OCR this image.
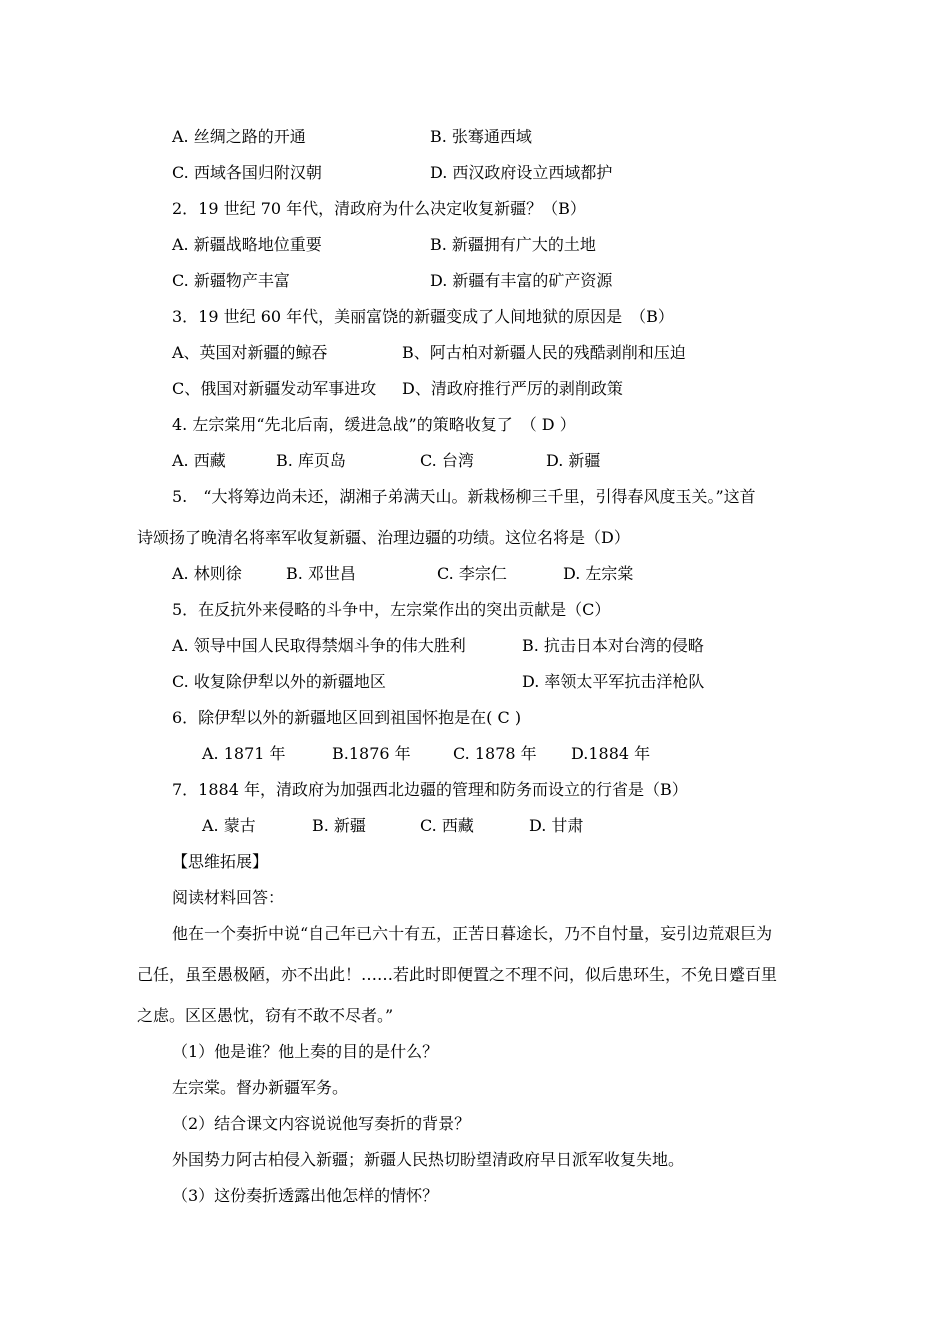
A. 丝绸之路的开通	B. 张骞通西域
C. 西域各国归附汉朝	D. 西汉政府设立西域都护
2．19 世纪 70 年代，清政府为什么决定收复新疆？（B）
A. 新疆战略地位重要	B. 新疆拥有广大的土地
C. 新疆物产丰富	D. 新疆有丰富的矿产资源
3．19 世纪 60 年代，美丽富饶的新疆变成了人间地狱的原因是　（B）
A、英国对新疆的鲸吞	B、阿古柏对新疆人民的残酷剥削和压迫
C、俄国对新疆发动军事进攻 D、清政府推行严厉的剥削政策
4. 左宗棠用“先北后南，缓进急战”的策略收复了　（ D ）
A. 西藏	B. 库页岛	C. 台湾	D. 新疆
5.　“大将筹边尚未还，湖湘子弟满天山。新栽杨柳三千里，引得春风度玉关。”这首
诗颂扬了晚清名将率军收复新疆、治理边疆的功绩。这位名将是（D）
A. 林则徐	B. 邓世昌	C. 李宗仁	D. 左宗棠
5．在反抗外来侵略的斗争中，左宗棠作出的突出贡献是（C）
A. 领导中国人民取得禁烟斗争的伟大胜利	B. 抗击日本对台湾的侵略
C. 收复除伊犁以外的新疆地区	D. 率领太平军抗击洋枪队
6．除伊犁以外的新疆地区回到祖国怀抱是在( C )
A. 1871 年	B.1876 年	C. 1878 年 D.1884 年
7．1884 年，清政府为加强西北边疆的管理和防务而设立的行省是（B）
A. 蒙古	B. 新疆	C. 西藏	D. 甘肃
【思维拓展】
阅读材料回答：
他在一个奏折中说“自己年已六十有五，正苦日暮途长，乃不自忖量，妄引边荒艰巨为
己任，虽至愚极陋，亦不出此！……若此时即便置之不理不问，似后患环生，不免日蹙百里
之虑。区区愚忱，窃有不敢不尽者。”
（1）他是谁？他上奏的目的是什么？
左宗棠。督办新疆军务。
（2）结合课文内容说说他写奏折的背景？
外国势力阿古柏侵入新疆；新疆人民热切盼望清政府早日派军收复失地。
（3）这份奏折透露出他怎样的情怀？
